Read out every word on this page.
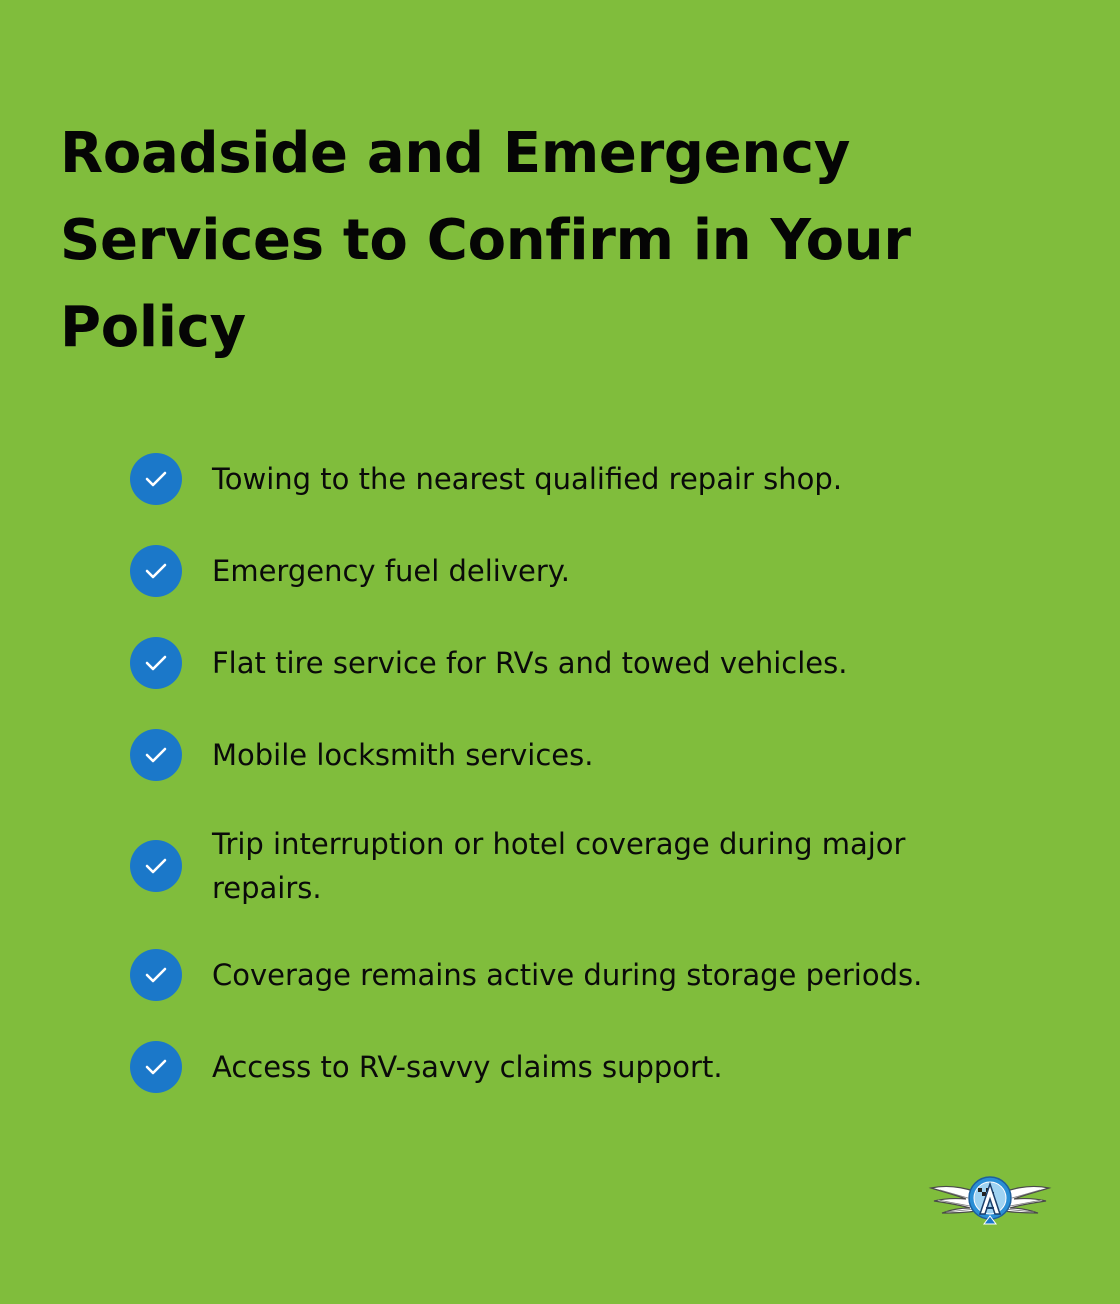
Roadside and Emergency Services to Confirm in Your Policy
Towing to the nearest qualified repair shop.
Emergency fuel delivery.
Flat tire service for RVs and towed vehicles.
Mobile locksmith services.
Trip interruption or hotel coverage during major repairs.
Coverage remains active during storage periods.
Access to RV-savvy claims support.
